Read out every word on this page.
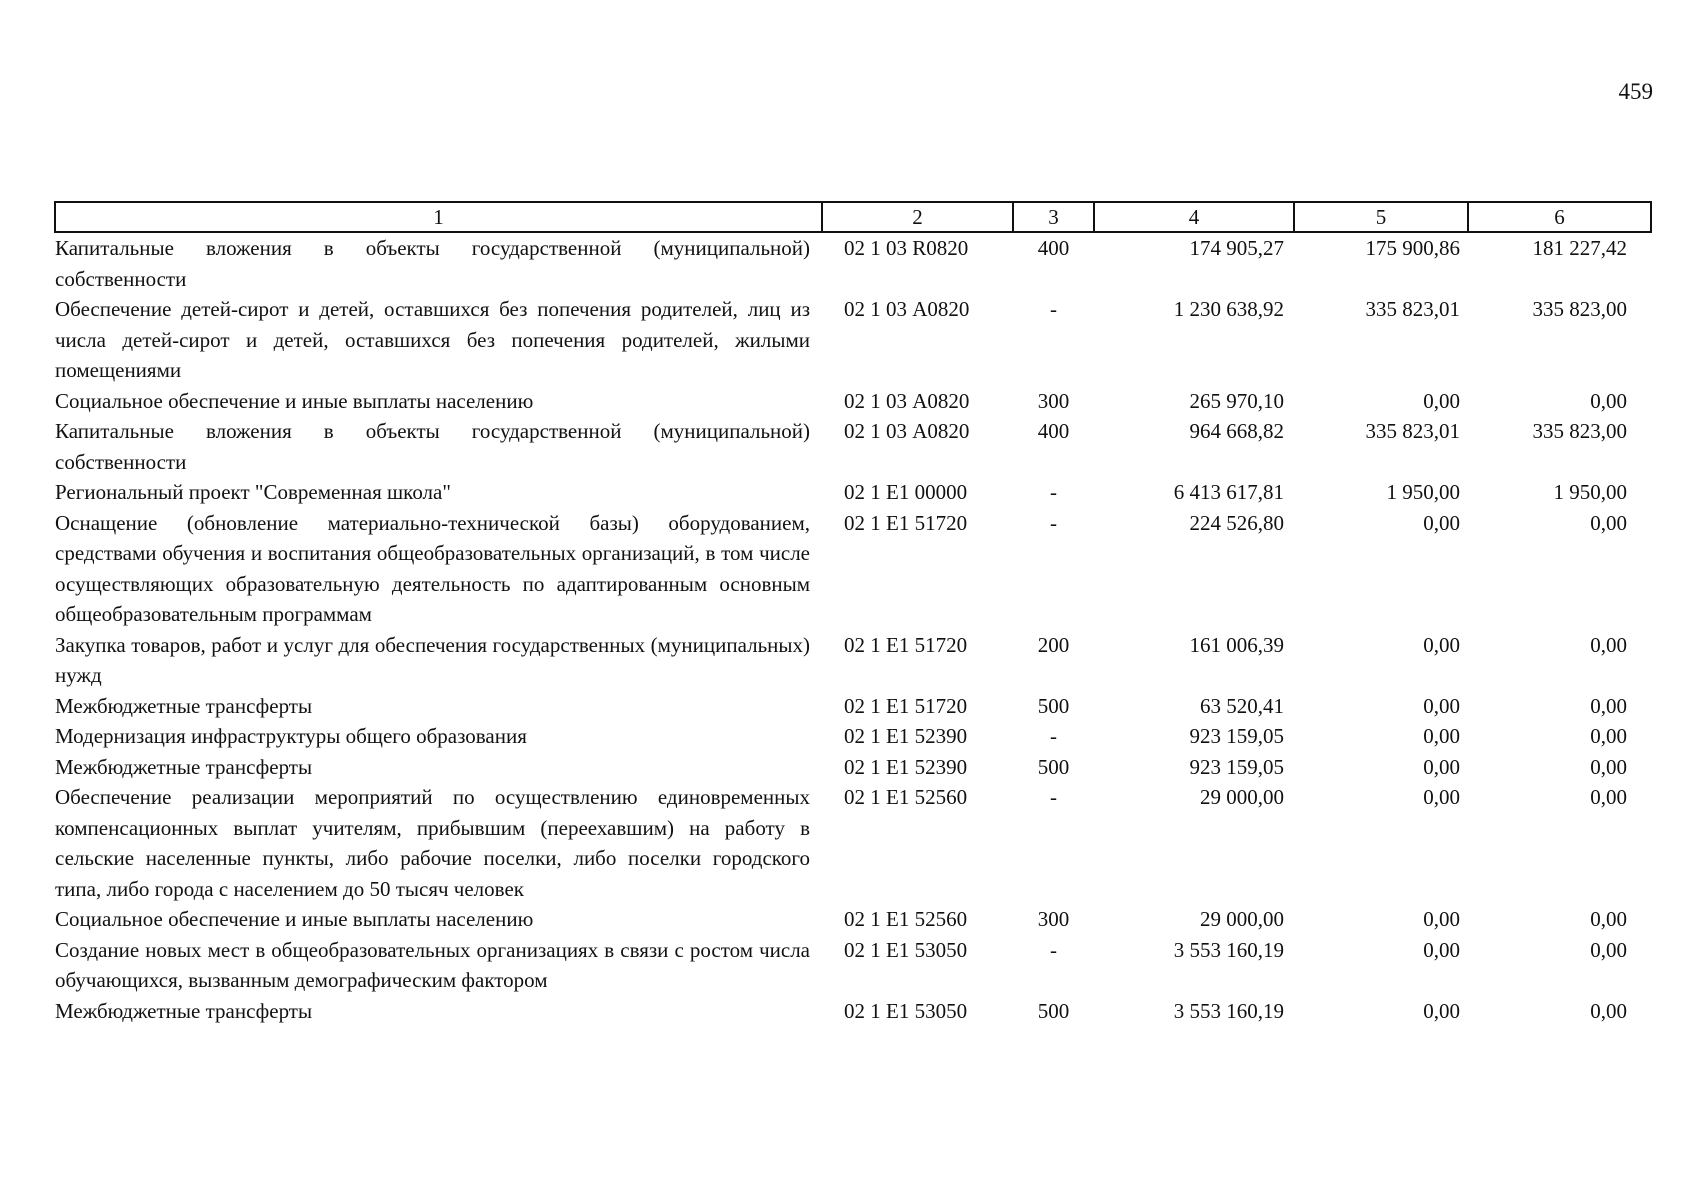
459
1	2	3	4	5	6
Капитальные вложения в объекты государственной (муниципальной) собственности	02 1 03 R0820	400	174 905,27	175 900,86	181 227,42
Обеспечение детей-сирот и детей, оставшихся без попечения родителей, лиц из числа детей-сирот и детей, оставшихся без попечения родителей, жилыми помещениями	02 1 03 А0820	-	1 230 638,92	335 823,01	335 823,00
Социальное обеспечение и иные выплаты населению	02 1 03 А0820	300	265 970,10	0,00	0,00
Капитальные вложения в объекты государственной (муниципальной) собственности	02 1 03 А0820	400	964 668,82	335 823,01	335 823,00
Региональный проект "Современная школа"	02 1 Е1 00000	-	6 413 617,81	1 950,00	1 950,00
Оснащение (обновление материально-технической базы) оборудованием, средствами обучения и воспитания общеобразовательных организаций, в том числе осуществляющих образовательную деятельность по адаптированным основным общеобразовательным программам	02 1 Е1 51720	-	224 526,80	0,00	0,00
Закупка товаров, работ и услуг для обеспечения государственных (муниципальных) нужд	02 1 Е1 51720	200	161 006,39	0,00	0,00
Межбюджетные трансферты	02 1 Е1 51720	500	63 520,41	0,00	0,00
Модернизация инфраструктуры общего образования	02 1 Е1 52390	-	923 159,05	0,00	0,00
Межбюджетные трансферты	02 1 Е1 52390	500	923 159,05	0,00	0,00
Обеспечение реализации мероприятий по осуществлению единовременных компенсационных выплат учителям, прибывшим (переехавшим) на работу в сельские населенные пункты, либо рабочие поселки, либо поселки городского типа, либо города с населением до 50 тысяч человек	02 1 Е1 52560	-	29 000,00	0,00	0,00
Социальное обеспечение и иные выплаты населению	02 1 Е1 52560	300	29 000,00	0,00	0,00
Создание новых мест в общеобразовательных организациях в связи с ростом числа обучающихся, вызванным демографическим фактором	02 1 Е1 53050	-	3 553 160,19	0,00	0,00
Межбюджетные трансферты	02 1 Е1 53050	500	3 553 160,19	0,00	0,00
